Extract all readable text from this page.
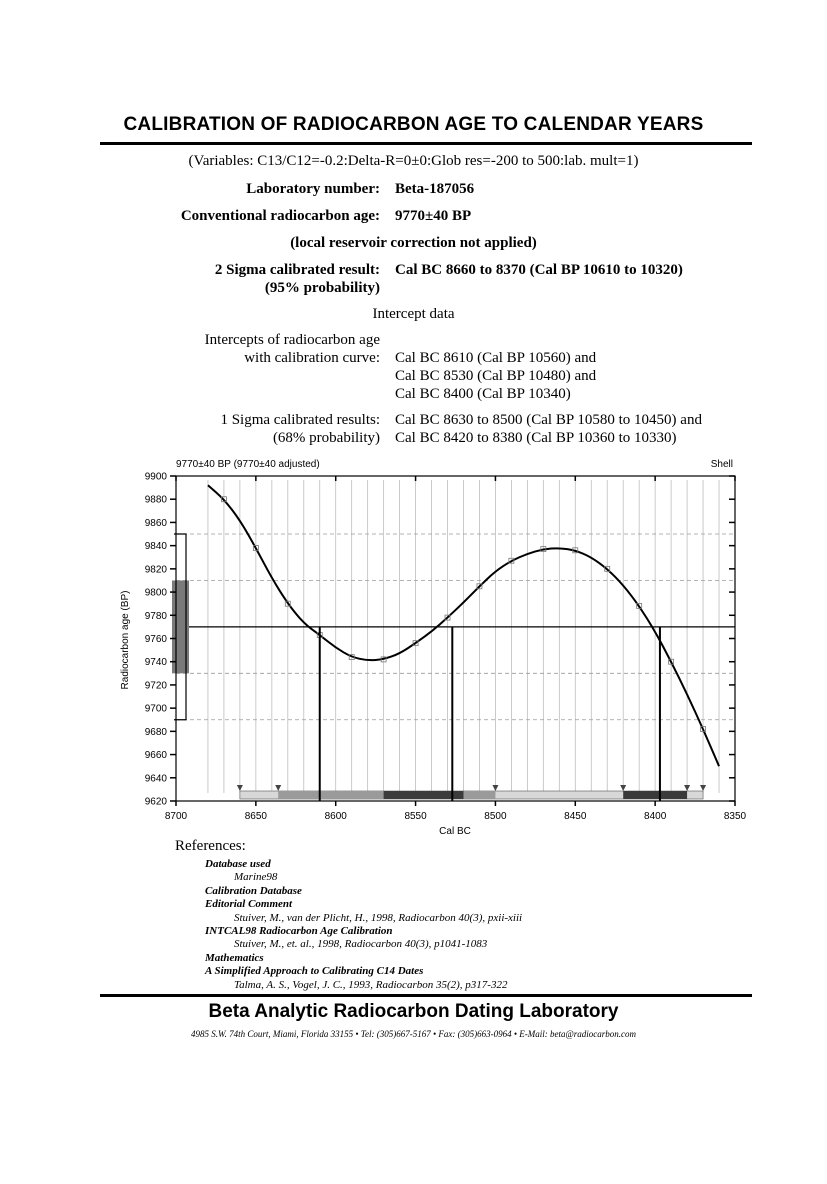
CALIBRATION OF RADIOCARBON AGE TO CALENDAR YEARS
(Variables: C13/C12=-0.2:Delta-R=0±0:Glob res=-200 to 500:lab. mult=1)
Laboratory number: Beta-187056
Conventional radiocarbon age: 9770±40 BP
(local reservoir correction not applied)
2 Sigma calibrated result:
(95% probability)
Cal BC 8660 to 8370 (Cal BP 10610 to 10320)
Intercept data
Intercepts of radiocarbon age
with calibration curve: Cal BC 8610 (Cal BP 10560) and
Cal BC 8530 (Cal BP 10480) and
Cal BC 8400 (Cal BP 10340)
1 Sigma calibrated results:
(68% probability)
Cal BC 8630 to 8500 (Cal BP 10580 to 10450) and
Cal BC 8420 to 8380 (Cal BP 10360 to 10330)
9770±40 BP (9770±40 adjusted)	Shell
9620
9640
9660
9680
9700
9720
9740
9760
9780
9800
9820
9840
9860
9880
9900
8700	8650	8600	8550	8500	8450	8400	8350
Cal BC
Radiocarbon age (BP)
References:
Database used
Marine98
Calibration Database
Editorial Comment
Stuiver, M., van der Plicht, H., 1998, Radiocarbon 40(3), pxii-xiii
INTCAL98 Radiocarbon Age Calibration
Stuiver, M., et. al., 1998, Radiocarbon 40(3), p1041-1083
Mathematics
A Simplified Approach to Calibrating C14 Dates
Talma, A. S., Vogel, J. C., 1993, Radiocarbon 35(2), p317-322
Beta Analytic Radiocarbon Dating Laboratory
4985 S.W. 74th Court, Miami, Florida 33155 • Tel: (305)667-5167 • Fax: (305)663-0964 • E-Mail: beta@radiocarbon.com
